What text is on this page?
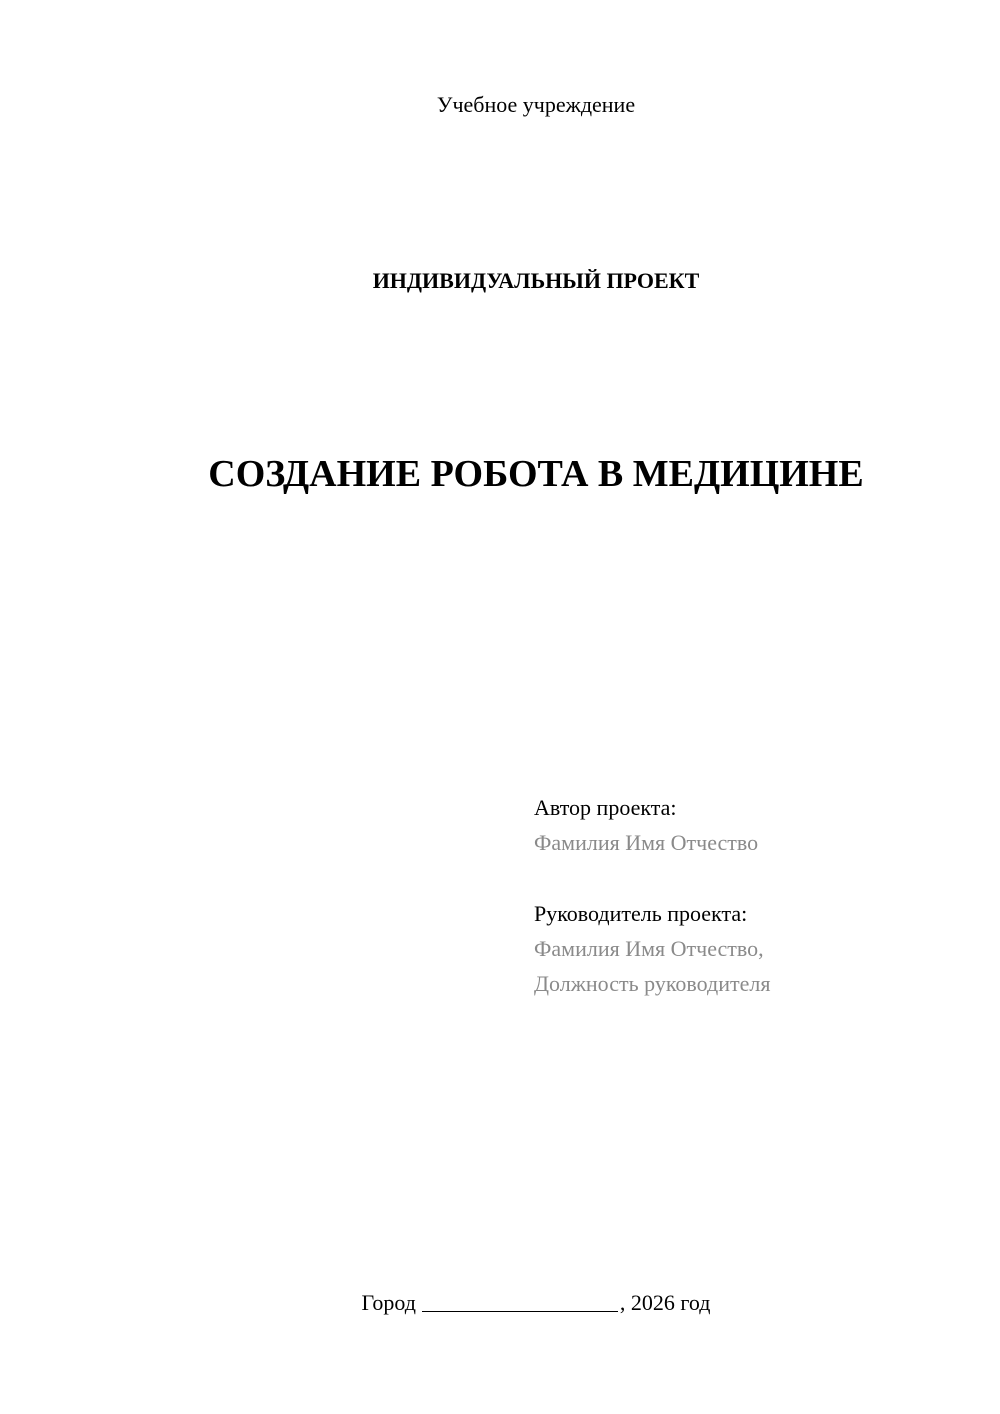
Учебное учреждение
ИНДИВИДУАЛЬНЫЙ ПРОЕКТ
СОЗДАНИЕ РОБОТА В МЕДИЦИНЕ
Автор проекта:
Фамилия Имя Отчество
Руководитель проекта:
Фамилия Имя Отчество,
Должность руководителя
Город	, 2026 год
